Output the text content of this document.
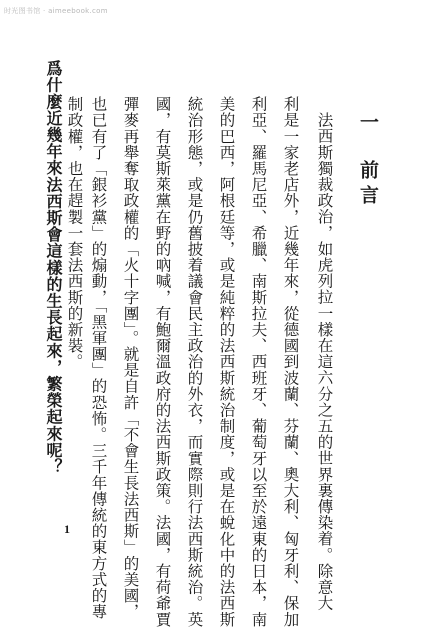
时光图书馆 · aimeebook.com
一
前言
法西斯獨裁政治，如虎列拉一樣在這六分之五的世界裏傳染着。除意大
利是一家老店外，近幾年來，從德國到波蘭、芬蘭、奧大利、匈牙利、保加
利亞、羅馬尼亞、希臘、南斯拉夫、西班牙、葡萄牙以至於遠東的日本，南
美的巴西，阿根廷等，或是純粹的法西斯統治制度，或是在蛻化中的法西斯
統治形態，或是仍舊披着議會民主政治的外衣，而實際則行法西斯統治。英
國，有莫斯萊黨在野的吶喊，有鮑爾溫政府的法西斯政策。法國，有荷爺賈
彈麥再舉奪取政權的「火十字團」。就是自許「不會生長法西斯」的美國，
也已有了「銀衫黨」的煽動，「黑軍團」的恐怖。三千年傳統的東方式的專
制政權，也在趕製一套法西斯的新裝。
爲什麼近幾年來法西斯會這樣的生長起來，繁榮起來呢？
1
